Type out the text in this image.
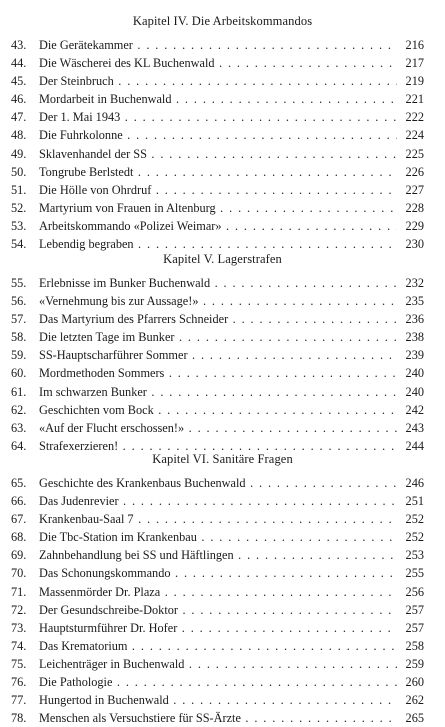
Kapitel IV. Die Arbeitskommandos
43.	Die Gerätekammer . . .	216
44.	Die Wäscherei des KL Buchenwald . . .	217
45.	Der Steinbruch . . .	219
46.	Mordarbeit in Buchenwald . . .	221
47.	Der 1. Mai 1943 . . .	222
48.	Die Fuhrkolonne . . .	224
49.	Sklavenhandel der SS . . .	225
50.	Tongrube Berlstedt . . .	226
51.	Die Hölle von Ohrdruf . . .	227
52.	Martyrium von Frauen in Altenburg . . .	228
53.	Arbeitskommando «Polizei Weimar» . . .	229
54.	Lebendig begraben . . .	230
Kapitel V. Lagerstrafen
55.	Erlebnisse im Bunker Buchenwald . . .	232
56.	«Vernehmung bis zur Aussage!» . . .	235
57.	Das Martyrium des Pfarrers Schneider . . .	236
58.	Die letzten Tage im Bunker . . .	238
59.	SS-Hauptscharführer Sommer . . .	239
60.	Mordmethoden Sommers . . .	240
61.	Im schwarzen Bunker . . .	240
62.	Geschichten vom Bock . . .	242
63.	«Auf der Flucht erschossen!» . . .	243
64.	Strafexerzieren! . . .	244
Kapitel VI. Sanitäre Fragen
65.	Geschichte des Krankenbaus Buchenwald . . .	246
66.	Das Judenrevier . . .	251
67.	Krankenbau-Saal 7 . . .	252
68.	Die Tbc-Station im Krankenbau . . .	252
69.	Zahnbehandlung bei SS und Häftlingen . . .	253
70.	Das Schonungskommando . . .	255
71.	Massenmörder Dr. Plaza . . .	256
72.	Der Gesundschreibe-Doktor . . .	257
73.	Hauptsturmführer Dr. Hofer . . .	257
74.	Das Krematorium . . .	258
75.	Leichenträger in Buchenwald . . .	259
76.	Die Pathologie . . .	260
77.	Hungertod in Buchenwald . . .	262
78.	Menschen als Versuchstiere für SS-Ärzte . . .	265
